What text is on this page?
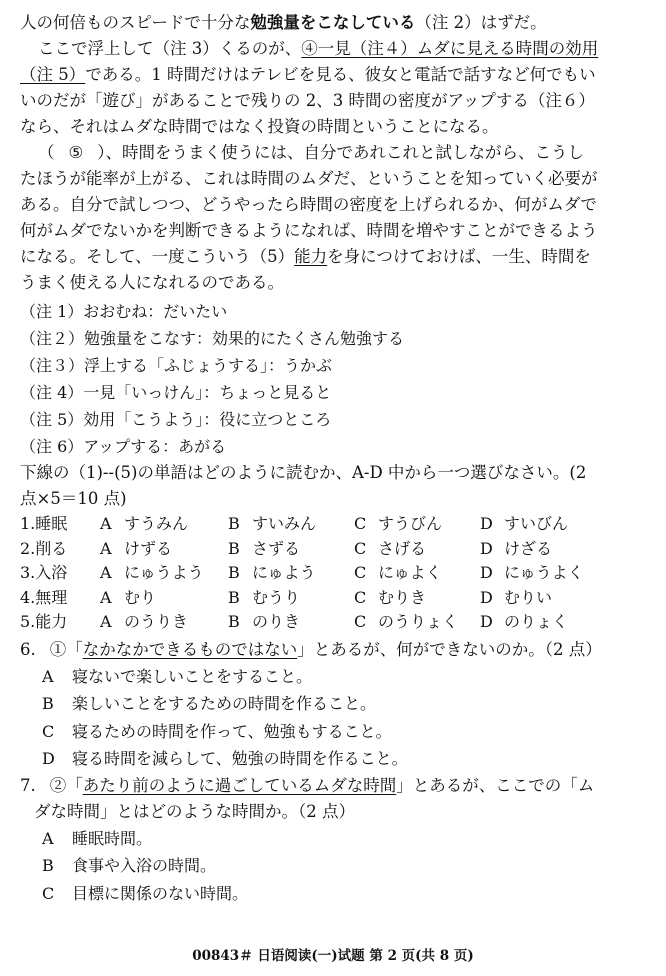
人の何倍ものスピードで十分な勉強量をこなしている（注 2）はずだ。
ここで浮上して（注 3）くるのが、④一見（注４）ムダに見える時間の効用
（注 5）である。1 時間だけはテレビを見る、彼女と電話で話すなど何でもい
いのだが「遊び」があることで残りの 2、3 時間の密度がアップする（注６）
なら、それはムダな時間ではなく投資の時間ということになる。
（ ⑤ ）、時間をうまく使うには、自分であれこれと試しながら、こうし
たほうが能率が上がる、これは時間のムダだ、ということを知っていく必要が
ある。自分で試しつつ、どうやったら時間の密度を上げられるか、何がムダで
何がムダでないかを判断できるようになれば、時間を増やすことができるよう
になる。そして、一度こういう（5）能力を身につけておけば、一生、時間を
うまく使える人になれるのである。
（注 1）おおむね：だいたい
（注２）勉強量をこなす：効果的にたくさん勉強する
（注３）浮上する「ふじょうする」：うかぶ
（注 4）一見「いっけん」：ちょっと見ると
（注 5）効用「こうよう」：役に立つところ
（注 6）アップする：あがる
下線の（1)--(5)の単語はどのように読むか、A-D 中から一つ選びなさい。(2
点×5＝10 点)
1.睡眠	A すうみん	B すいみん	C すうびん	D すいびん
2.削る	A けずる	B さずる	C さげる	D けざる
3.入浴	A にゅうよう	B にゅよう	C にゅよく	D にゅうよく
4.無理	A むり	B むうり	C むりき	D むりい
5.能力	A のうりき	B のりき	C のうりょく	D のりょく
6. ①「なかなかできるものではない」とあるが、何ができないのか。（2 点）
A 寝ないで楽しいことをすること。
B 楽しいことをするための時間を作ること。
C 寝るための時間を作って、勉強もすること。
D 寝る時間を減らして、勉強の時間を作ること。
7. ②「あたり前のように過ごしているムダな時間」とあるが、ここでの「ム
ダな時間」とはどのような時間か。（2 点）
A 睡眠時間。
B 食事や入浴の時間。
C 目標に関係のない時間。
00843＃ 日语阅读(一)试题 第 2 页(共 8 页)
